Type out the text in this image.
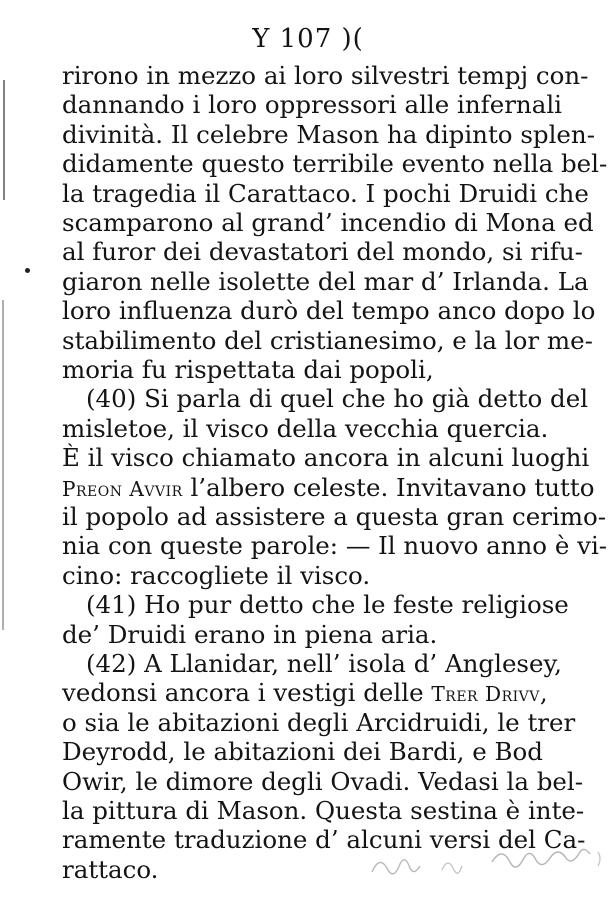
Y 107 )(
rirono in mezzo ai loro silvestri tempj con-
dannando i loro oppressori alle infernali
divinità. Il celebre Mason ha dipinto splen-
didamente questo terribile evento nella bel-
la tragedia il Carattaco. I pochi Druidi che
scamparono al grand’ incendio di Mona ed
al furor dei devastatori del mondo, si rifu-
giaron nelle isolette del mar d’ Irlanda. La
loro influenza durò del tempo anco dopo lo
stabilimento del cristianesimo, e la lor me-
moria fu rispettata dai popoli,
(40) Si parla di quel che ho già detto del
misletoe, il visco della vecchia quercia.
È il visco chiamato ancora in alcuni luoghi
Preon Avvir l’albero celeste. Invitavano tutto
il popolo ad assistere a questa gran cerimo-
nia con queste parole: — Il nuovo anno è vi-
cino: raccogliete il visco.
(41) Ho pur detto che le feste religiose
de’ Druidi erano in piena aria.
(42) A Llanidar, nell’ isola d’ Anglesey,
vedonsi ancora i vestigi delle Trer Drivv,
o sia le abitazioni degli Arcidruidi, le trer
Deyrodd, le abitazioni dei Bardi, e Bod
Owir, le dimore degli Ovadi. Vedasi la bel-
la pittura di Mason. Questa sestina è inte-
ramente traduzione d’ alcuni versi del Ca-
rattaco.
